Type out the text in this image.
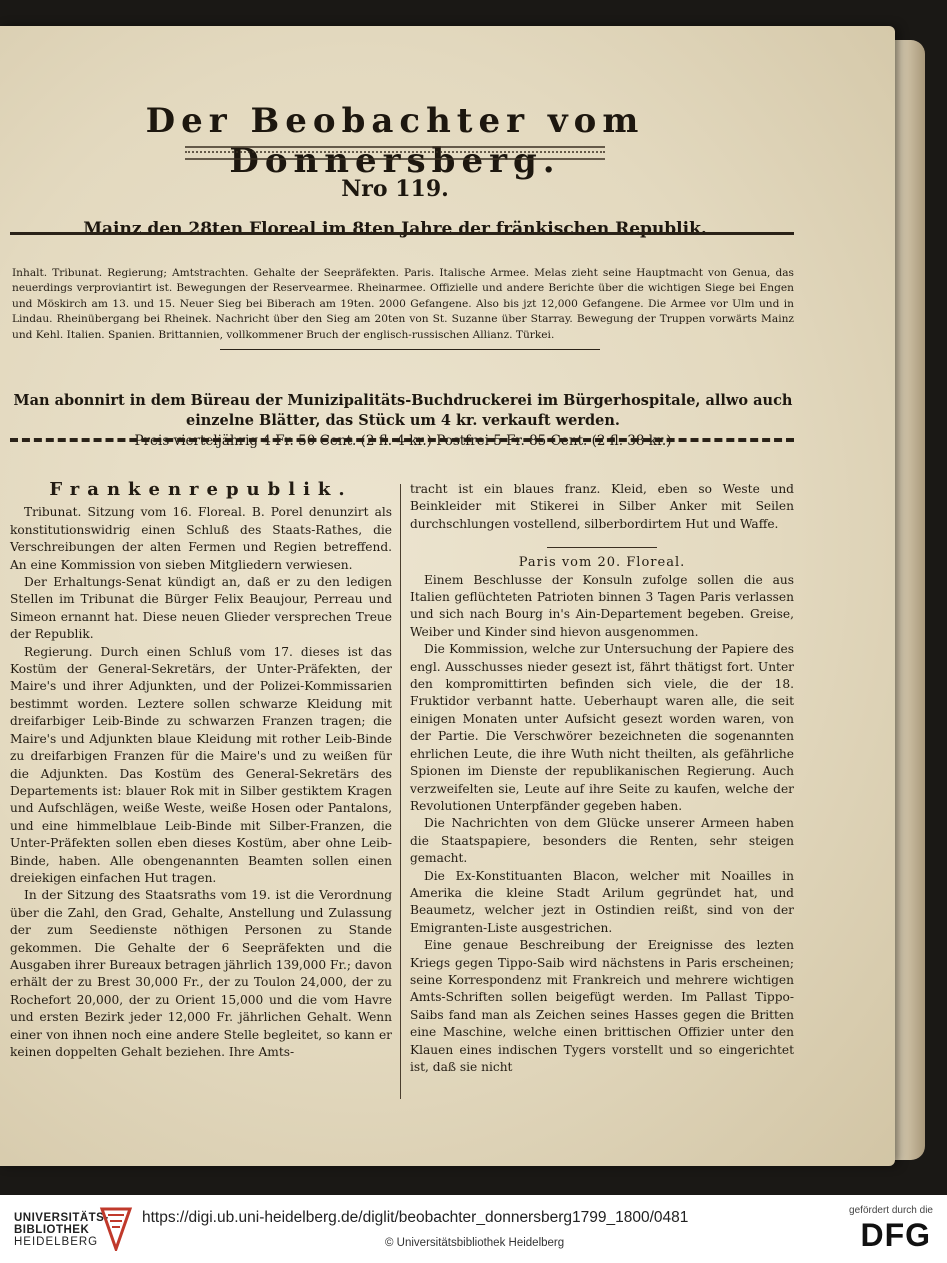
Der Beobachter vom Donnersberg.
Nro 119.
Mainz den 28ten Floreal im 8ten Jahre der fränkischen Republik.
Inhalt. Tribunat. Regierung; Amtstrachten. Gehalte der Seepräfekten. Paris. Italische Armee. Melas zieht seine Hauptmacht von Genua, das neuerdings verproviantirt ist. Bewegungen der Reservearmee. Rheinarmee. Offizielle und andere Berichte über die wichtigen Siege bei Engen und Möskirch am 13. und 15. Neuer Sieg bei Biberach am 19ten. 2000 Gefangene. Also bis jzt 12,000 Gefangene. Die Armee vor Ulm und in Lindau. Rheinübergang bei Rheinek. Nachricht über den Sieg am 20ten von St. Suzanne über Starray. Bewegung der Truppen vorwärts Mainz und Kehl. Italien. Spanien. Brittannien, vollkommener Bruch der englisch-russischen Allianz. Türkei.
Man abonnirt in dem Büreau der Munizipalitäts-Buchdruckerei im Bürgerhospitale, allwo auch einzelne Blätter, das Stück um 4 kr. verkauft werden.
Preis vierteljährig 4 Fr. 50 Cent. (2 fl. 4 kr.) Postfrei 5 Fr. 85 Cent. (2 fl. 38 kr.)
Frankenrepublik.

Tribunat. Sitzung vom 16. Floreal. B. Porel denunzirt als konstitutionswidrig einen Schluß des Staats-Rathes, die Verschreibungen der alten Fermen und Regien betreffend. An eine Kommission von sieben Mitgliedern verwiesen.

Der Erhaltungs-Senat kündigt an, daß er zu den ledigen Stellen im Tribunat die Bürger Felix Beaujour, Perreau und Simeon ernannt hat. Diese neuen Glieder versprechen Treue der Republik.

Regierung. Durch einen Schluß vom 17. dieses ist das Kostüm der General-Sekretärs, der Unter-Präfekten, der Maire's und ihrer Adjunkten, und der Polizei-Kommissarien bestimmt worden. Leztere sollen schwarze Kleidung mit dreifarbiger Leib-Binde zu schwarzen Franzen tragen; die Maire's und Adjunkten blaue Kleidung mit rother Leib-Binde zu dreifarbigen Franzen für die Maire's und zu weißen für die Adjunkten. Das Kostüm des General-Sekretärs des Departements ist: blauer Rok mit in Silber gestiktem Kragen und Aufschlägen, weiße Weste, weiße Hosen oder Pantalons, und eine himmelblaue Leib-Binde mit Silber-Franzen, die Unter-Präfekten sollen eben dieses Kostüm, aber ohne Leib-Binde, haben. Alle obengenannten Beamten sollen einen dreiekigen einfachen Hut tragen.

In der Sitzung des Staatsraths vom 19. ist die Verordnung über die Zahl, den Grad, Gehalte, Anstellung und Zulassung der zum Seedienste nöthigen Personen zu Stande gekommen. Die Gehalte der 6 Seepräfekten und die Ausgaben ihrer Bureaux betragen jährlich 139,000 Fr.; davon erhält der zu Brest 30,000 Fr., der zu Toulon 24,000, der zu Rochefort 20,000, der zu Orient 15,000 und die vom Havre und ersten Bezirk jeder 12,000 Fr. jährlichen Gehalt. Wenn einer von ihnen noch eine andere Stelle begleitet, so kann er keinen doppelten Gehalt beziehen. Ihre Amts-

tracht ist ein blaues franz. Kleid, eben so Weste und Beinkleider mit Stikerei in Silber Anker mit Seilen durchschlungen vostellend, silberbordirtem Hut und Waffe.

Paris vom 20. Floreal.

Einem Beschlusse der Konsuln zufolge sollen die aus Italien geflüchteten Patrioten binnen 3 Tagen Paris verlassen und sich nach Bourg in's Ain-Departement begeben. Greise, Weiber und Kinder sind hievon ausgenommen.

Die Kommission, welche zur Untersuchung der Papiere des engl. Ausschusses nieder gesezt ist, fährt thätigst fort. Unter den kompromittirten befinden sich viele, die der 18. Fruktidor verbannt hatte. Ueberhaupt waren alle, die seit einigen Monaten unter Aufsicht gesezt worden waren, von der Partie. Die Verschwörer bezeichneten die sogenannten ehrlichen Leute, die ihre Wuth nicht theilten, als gefährliche Spionen im Dienste der republikanischen Regierung. Auch verzweifelten sie, Leute auf ihre Seite zu kaufen, welche der Revolutionen Unterpfänder gegeben haben.

Die Nachrichten von dem Glücke unserer Armeen haben die Staatspapiere, besonders die Renten, sehr steigen gemacht.

Die Ex-Konstituanten Blacon, welcher mit Noailles in Amerika die kleine Stadt Arilum gegründet hat, und Beaumetz, welcher jezt in Ostindien reißt, sind von der Emigranten-Liste ausgestrichen.

Eine genaue Beschreibung der Ereignisse des lezten Kriegs gegen Tippo-Saib wird nächstens in Paris erscheinen; seine Korrespondenz mit Frankreich und mehrere wichtigen Amts-Schriften sollen beigefügt werden. Im Pallast Tippo-Saibs fand man als Zeichen seines Hasses gegen die Britten eine Maschine, welche einen brittischen Offizier unter den Klauen eines indischen Tygers vorstellt und so eingerichtet ist, daß sie nicht

UNIVERSITÄTS-
BIBLIOTHEK
HEIDELBERG
https://digi.ub.uni-heidelberg.de/diglit/beobachter_donnersberg1799_1800/0481
© Universitätsbibliothek Heidelberg
gefördert durch die
DFG
